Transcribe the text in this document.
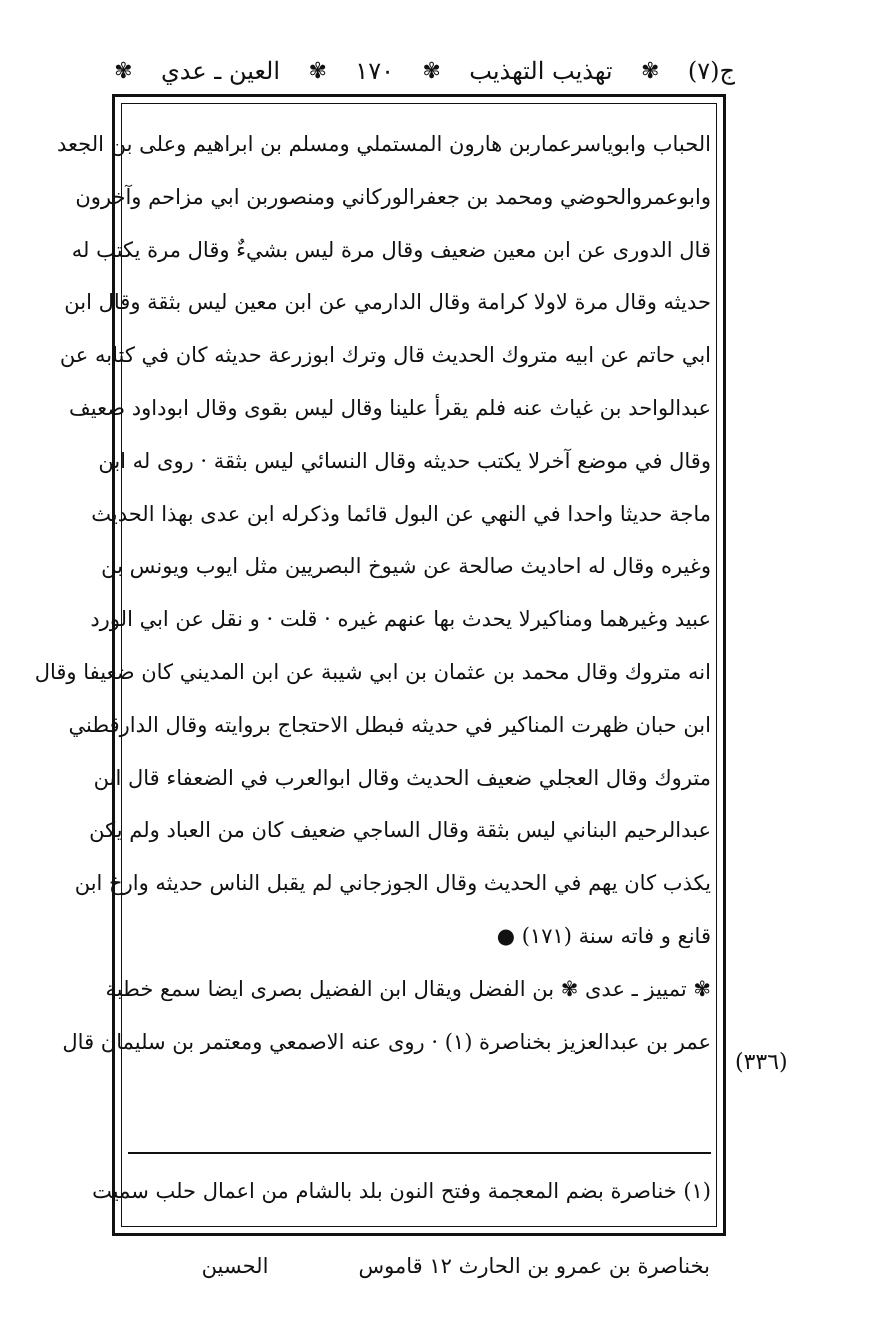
ج(٧)
✾
تهذيب التهذيب
✾
١٧٠
✾
العين ـ عدي
✾
الحباب وابوياسرعماربن هارون المستملي ومسلم بن ابراهيم وعلى بن الجعد
وابوعمروالحوضي ومحمد بن جعفرالوركاني ومنصوربن ابي مزاحم وآخرون
قال الدورى عن ابن معين ضعيف وقال مرة ليس بشيءٌ وقال مرة يكتب له
حديثه وقال مرة لاولا كرامة وقال الدارمي عن ابن معين ليس بثقة وقال ابن
ابي حاتم عن ابيه متروك الحديث قال وترك ابوزرعة حديثه كان في كتابه عن
عبدالواحد بن غياث عنه فلم يقرأ علينا وقال ليس بقوى وقال ابوداود ضعيف
وقال في موضع آخرلا يكتب حديثه وقال النسائي ليس بثقة · روى له ابن
ماجة حديثا واحدا في النهي عن البول قائما وذكرله ابن عدى بهذا الحديث
وغيره وقال له احاديث صالحة عن شيوخ البصريين مثل ايوب ويونس بن
عبيد وغيرهما ومناكيرلا يحدث بها عنهم غيره · قلت · و نقل عن ابي الورد
انه متروك وقال محمد بن عثمان بن ابي شيبة عن ابن المديني كان ضعيفا وقال
ابن حبان ظهرت المناكير في حديثه فبطل الاحتجاج بروايته وقال الدارقطني
متروك وقال العجلي ضعيف الحديث وقال ابوالعرب في الضعفاء قال ابن
عبدالرحيم البناني ليس بثقة وقال الساجي ضعيف كان من العباد ولم يكن
يكذب كان يهم في الحديث وقال الجوزجاني لم يقبل الناس حديثه وارخ ابن
قانع و فاته سنة (١٧١) ●
✾ تمييز ـ عدى ✾ بن الفضل ويقال ابن الفضيل بصرى ايضا سمع خطبة
عمر بن عبدالعزيز بخناصرة (١) · روى عنه الاصمعي ومعتمر بن سليمان قال
(٣٣٦)
(١) خناصرة بضم المعجمة وفتح النون بلد بالشام من اعمال حلب سميت
بخناصرة بن عمرو بن الحارث ١٢ قاموس
الحسين
